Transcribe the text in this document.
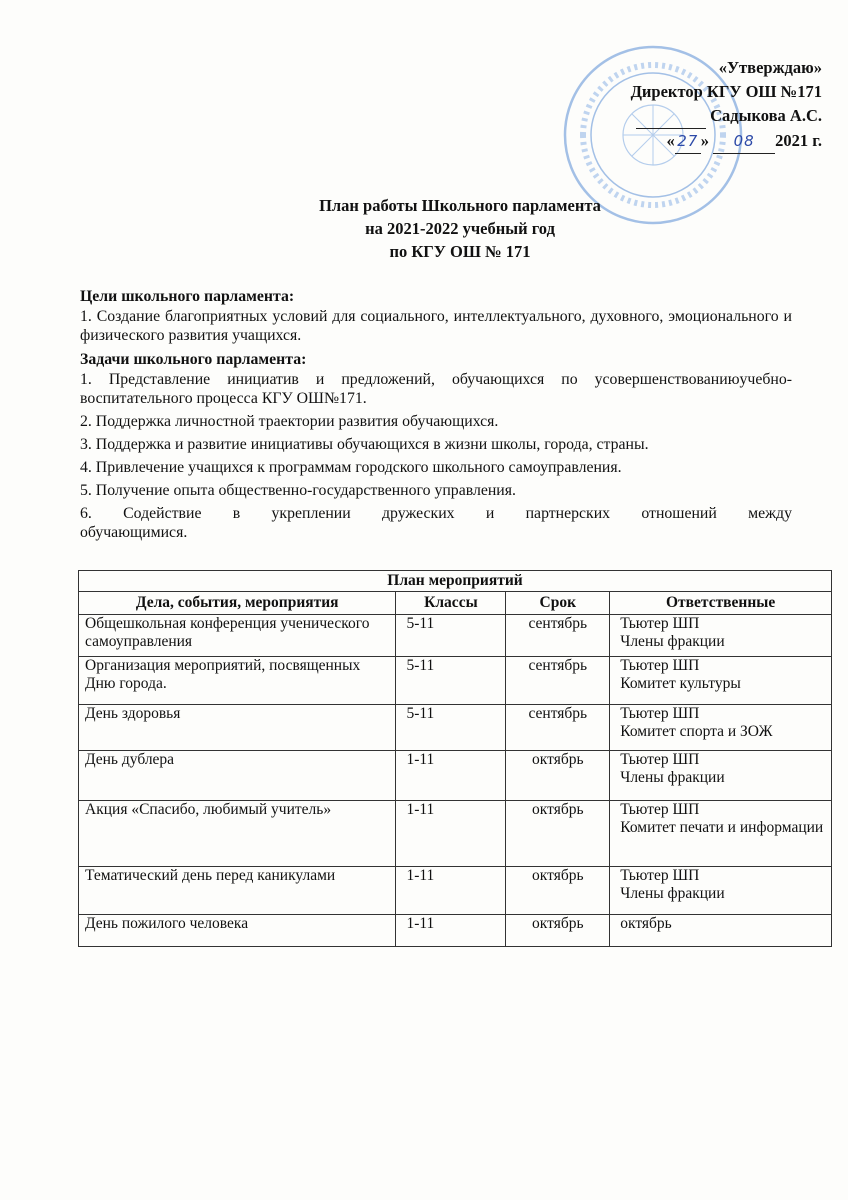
«Утверждаю»
Директор КГУ ОШ №171
Садыкова А.С.
« 27 » 08 2021 г.
План работы Школьного парламента
на 2021-2022 учебный год
по КГУ ОШ № 171

Цели школьного парламента:

1. Создание благоприятных условий для социального, интеллектуального, духовного, эмоционального и физического развития учащихся.

Задачи школьного парламента:

1. Представление инициатив и предложений, обучающихся по усовершенствованиюучебно-воспитательного процесса КГУ ОШ№171.

2. Поддержка личностной траектории развития обучающихся.

3. Поддержка и развитие инициативы обучающихся в жизни школы, города, страны.

4. Привлечение учащихся к программам городского школьного самоуправления.

5. Получение опыта общественно-государственного управления.

6. Содействие в укреплении дружеских и партнерских отношений между

обучающимися.

План мероприятий			
Дела, события, мероприятия	Классы	Срок	Ответственные
Общешкольная конференция ученического самоуправления	5-11	сентябрь	Тьютер ШП
Члены фракции

Организация мероприятий, посвященных Дню города.	5-11	сентябрь	Тьютер ШП
Комитет культуры

День здоровья	5-11	сентябрь	Тьютер ШП
Комитет спорта и ЗОЖ

День дублера	1-11	октябрь	Тьютер ШП
Члены фракции

Акция «Спасибо, любимый учитель»	1-11	октябрь	Тьютер ШП
Комитет печати и информации

Тематический день перед каникулами	1-11	октябрь	Тьютер ШП
Члены фракции

День пожилого человека	1-11	октябрь	октябрь
